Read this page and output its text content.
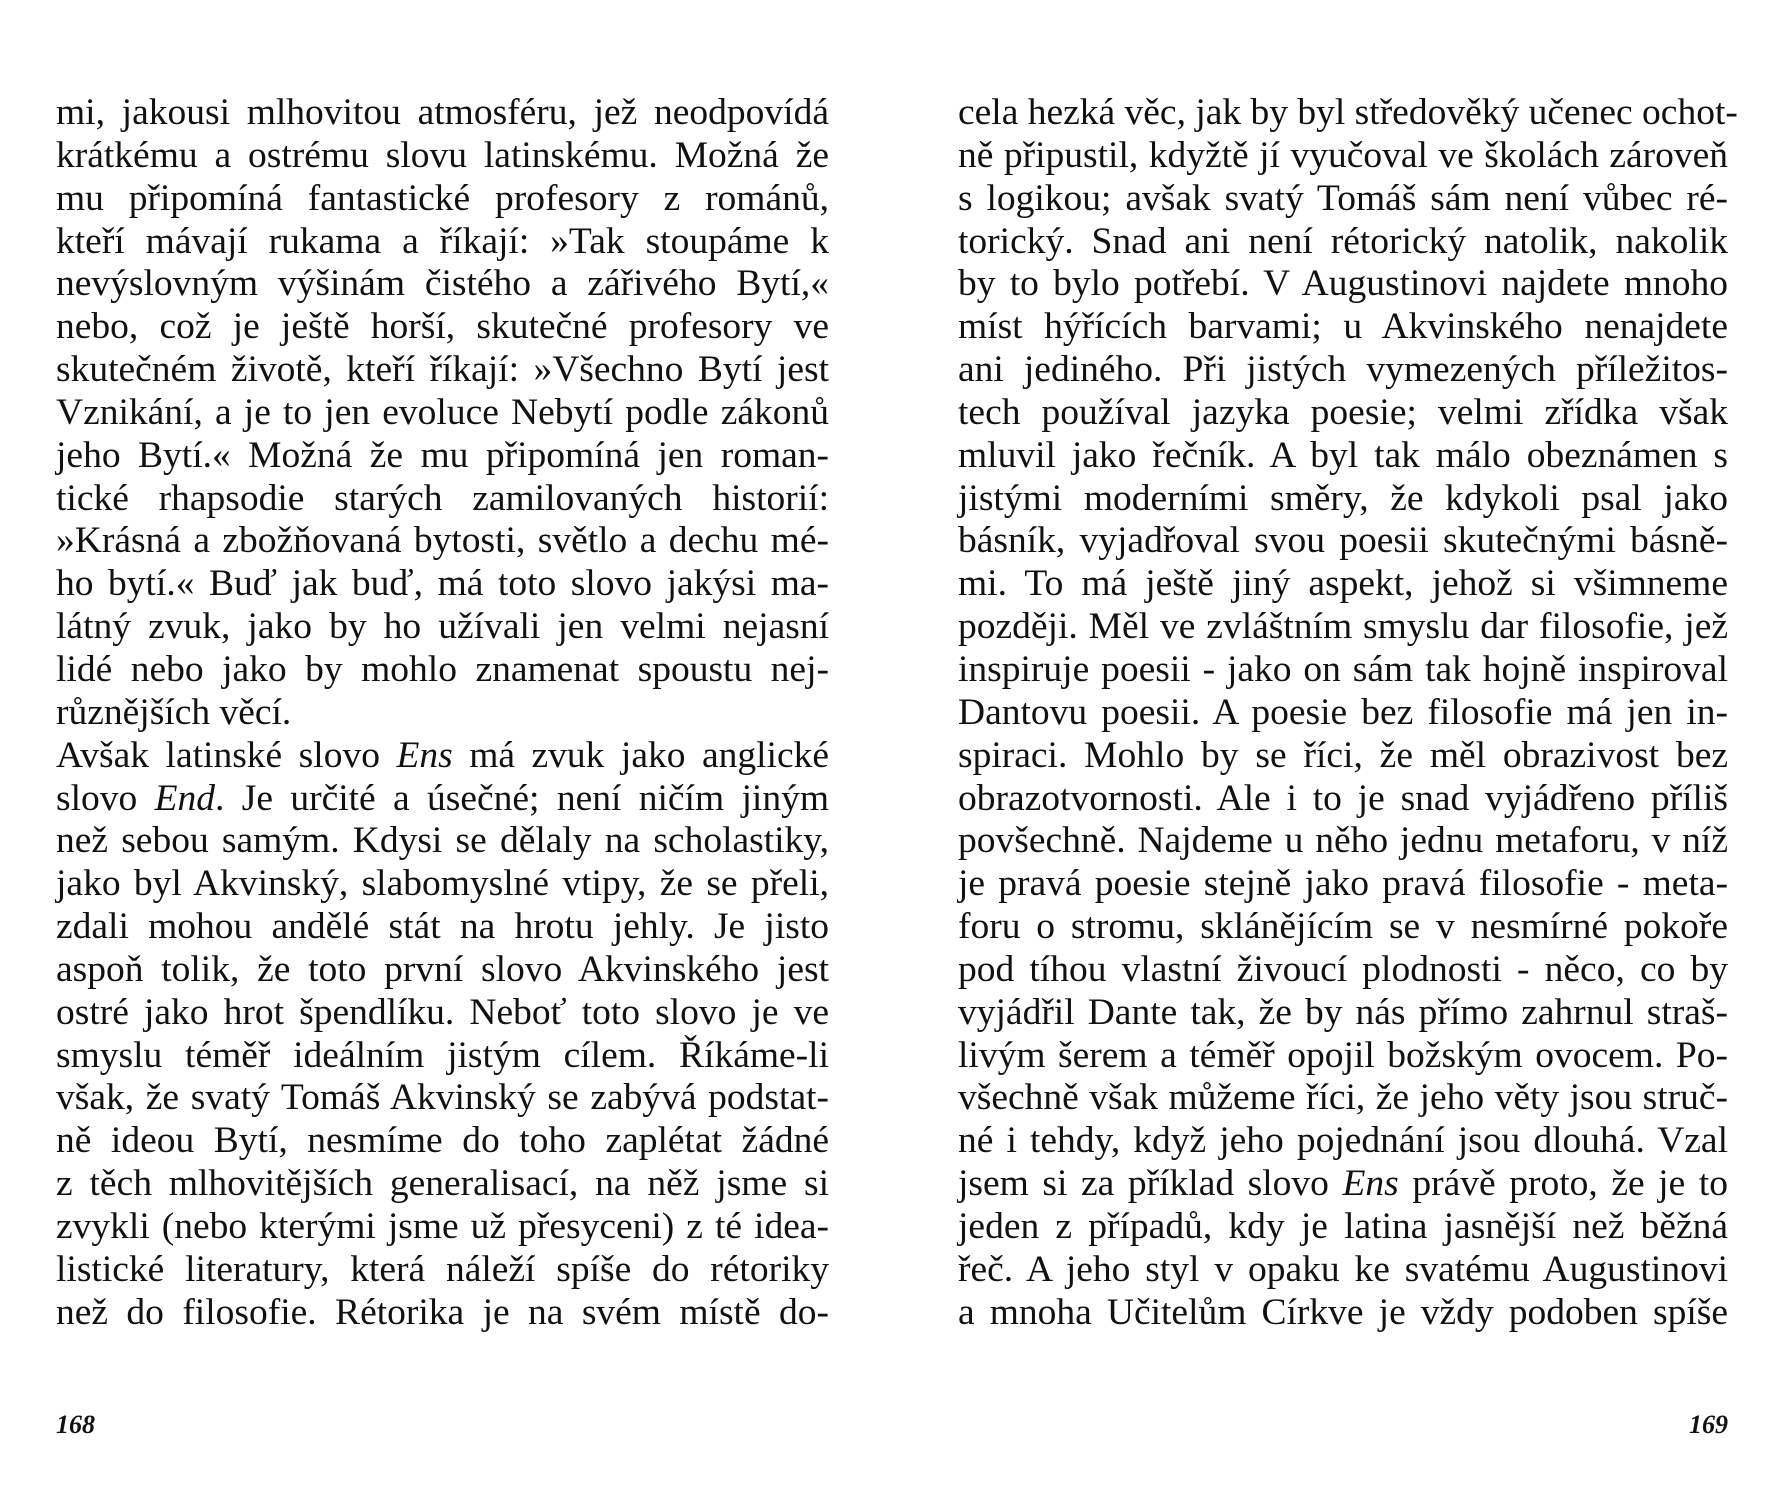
mi, jakousi mlhovitou atmosféru, jež neodpovídá
krátkému a ostrému slovu latinskému. Možná že
mu připomíná fantastické profesory z románů,
kteří mávají rukama a říkají: »Tak stoupáme k
nevýslovným výšinám čistého a zářivého Bytí,«
nebo, což je ještě horší, skutečné profesory ve
skutečném životě, kteří říkají: »Všechno Bytí jest
Vznikání, a je to jen evoluce Nebytí podle zákonů
jeho Bytí.« Možná že mu připomíná jen roman-
tické rhapsodie starých zamilovaných historií:
»Krásná a zbožňovaná bytosti, světlo a dechu mé-
ho bytí.« Buď jak buď, má toto slovo jakýsi ma-
látný zvuk, jako by ho užívali jen velmi nejasní
lidé nebo jako by mohlo znamenat spoustu nej-
různějších věcí.
Avšak latinské slovo Ens má zvuk jako anglické
slovo End. Je určité a úsečné; není ničím jiným
než sebou samým. Kdysi se dělaly na scholastiky,
jako byl Akvinský, slabomyslné vtipy, že se přeli,
zdali mohou andělé stát na hrotu jehly. Je jisto
aspoň tolik, že toto první slovo Akvinského jest
ostré jako hrot špendlíku. Neboť toto slovo je ve
smyslu téměř ideálním jistým cílem. Říkáme-li
však, že svatý Tomáš Akvinský se zabývá podstat-
ně ideou Bytí, nesmíme do toho zaplétat žádné
z těch mlhovitějších generalisací, na něž jsme si
zvykli (nebo kterými jsme už přesyceni) z té idea-
listické literatury, která náleží spíše do rétoriky
než do filosofie. Rétorika je na svém místě do-
cela hezká věc, jak by byl středověký učenec ochot-
ně připustil, kdyžtě jí vyučoval ve školách zároveň
s logikou; avšak svatý Tomáš sám není vůbec ré-
torický. Snad ani není rétorický natolik, nakolik
by to bylo potřebí. V Augustinovi najdete mnoho
míst hýřících barvami; u Akvinského nenajdete
ani jediného. Při jistých vymezených příležitos-
tech používal jazyka poesie; velmi zřídka však
mluvil jako řečník. A byl tak málo obeznámen s
jistými moderními směry, že kdykoli psal jako
básník, vyjadřoval svou poesii skutečnými básně-
mi. To má ještě jiný aspekt, jehož si všimneme
později. Měl ve zvláštním smyslu dar filosofie, jež
inspiruje poesii - jako on sám tak hojně inspiroval
Dantovu poesii. A poesie bez filosofie má jen in-
spiraci. Mohlo by se říci, že měl obrazivost bez
obrazotvornosti. Ale i to je snad vyjádřeno příliš
povšechně. Najdeme u něho jednu metaforu, v níž
je pravá poesie stejně jako pravá filosofie - meta-
foru o stromu, sklánějícím se v nesmírné pokoře
pod tíhou vlastní živoucí plodnosti - něco, co by
vyjádřil Dante tak, že by nás přímo zahrnul straš-
livým šerem a téměř opojil božským ovocem. Po-
všechně však můžeme říci, že jeho věty jsou struč-
né i tehdy, když jeho pojednání jsou dlouhá. Vzal
jsem si za příklad slovo Ens právě proto, že je to
jeden z případů, kdy je latina jasnější než běžná
řeč. A jeho styl v opaku ke svatému Augustinovi
a mnoha Učitelům Církve je vždy podoben spíše
168	169
